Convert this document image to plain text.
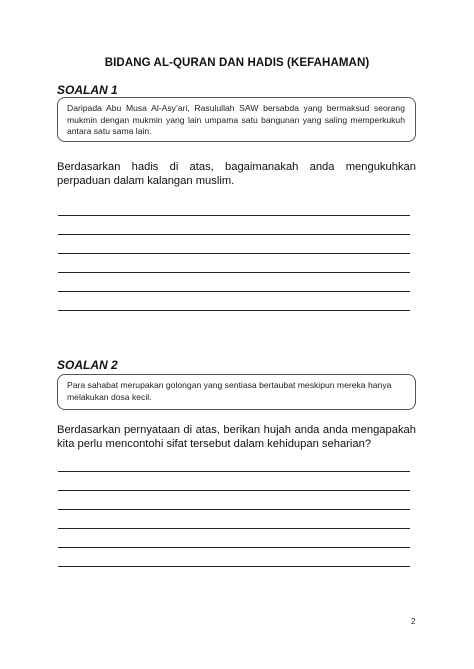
BIDANG AL-QURAN DAN HADIS (KEFAHAMAN)
SOALAN 1
Daripada Abu Musa Al-Asy’ari, Rasulullah SAW bersabda yang bermaksud seorang mukmin dengan mukmin yang lain umpama satu bangunan yang saling memperkukuh antara satu sama lain.
Berdasarkan hadis di atas, bagaimanakah anda mengukuhkan perpaduan dalam kalangan muslim.
SOALAN 2
Para sahabat merupakan golongan yang sentiasa bertaubat meskipun mereka hanya melakukan dosa kecil.
Berdasarkan pernyataan di atas, berikan hujah anda anda mengapakah kita perlu mencontohi sifat tersebut dalam kehidupan seharian?
2
